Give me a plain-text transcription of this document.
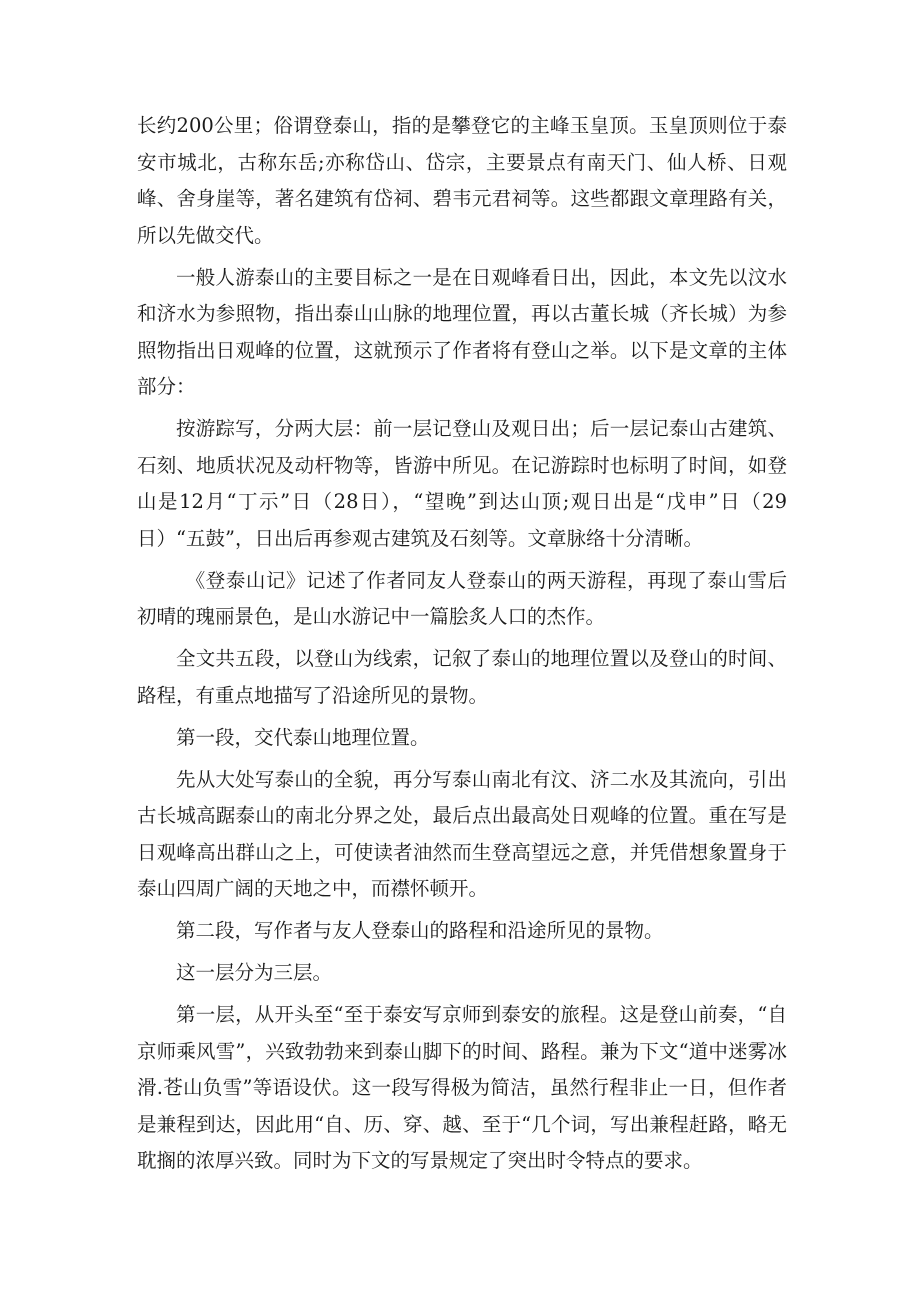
长约200公里；俗谓登泰山，指的是攀登它的主峰玉皇顶。玉皇顶则位于泰安市城北，古称东岳;亦称岱山、岱宗，主要景点有南天门、仙人桥、日观峰、舍身崖等，著名建筑有岱祠、碧韦元君祠等。这些都跟文章理路有关，所以先做交代。

一般人游泰山的主要目标之一是在日观峰看日出，因此，本文先以汶水和济水为参照物，指出泰山山脉的地理位置，再以古董长城（齐长城）为参照物指出日观峰的位置，这就预示了作者将有登山之举。以下是文章的主体部分：

按游踪写，分两大层：前一层记登山及观日出；后一层记泰山古建筑、石刻、地质状况及动杆物等，皆游中所见。在记游踪时也标明了时间，如登山是12月“丁示”日（28日），“望晚”到达山顶;观日出是“戊申”日（29日）“五鼓”，日出后再参观古建筑及石刻等。文章脉络十分清晰。

《登泰山记》记述了作者同友人登泰山的两天游程，再现了泰山雪后初晴的瑰丽景色，是山水游记中一篇脍炙人口的杰作。

全文共五段，以登山为线索，记叙了泰山的地理位置以及登山的时间、路程，有重点地描写了沿途所见的景物。

第一段，交代泰山地理位置。

先从大处写泰山的全貌，再分写泰山南北有汶、济二水及其流向，引出古长城高踞泰山的南北分界之处，最后点出最高处日观峰的位置。重在写是日观峰高出群山之上，可使读者油然而生登高望远之意，并凭借想象置身于泰山四周广阔的天地之中，而襟怀顿开。

第二段，写作者与友人登泰山的路程和沿途所见的景物。

这一层分为三层。

第一层，从开头至“至于泰安写京师到泰安的旅程。这是登山前奏，“自京师乘风雪”，兴致勃勃来到泰山脚下的时间、路程。兼为下文“道中迷雾冰滑.苍山负雪”等语设伏。这一段写得极为简洁，虽然行程非止一日，但作者是兼程到达，因此用“自、历、穿、越、至于“几个词，写出兼程赶路，略无耽搁的浓厚兴致。同时为下文的写景规定了突出时令特点的要求。
